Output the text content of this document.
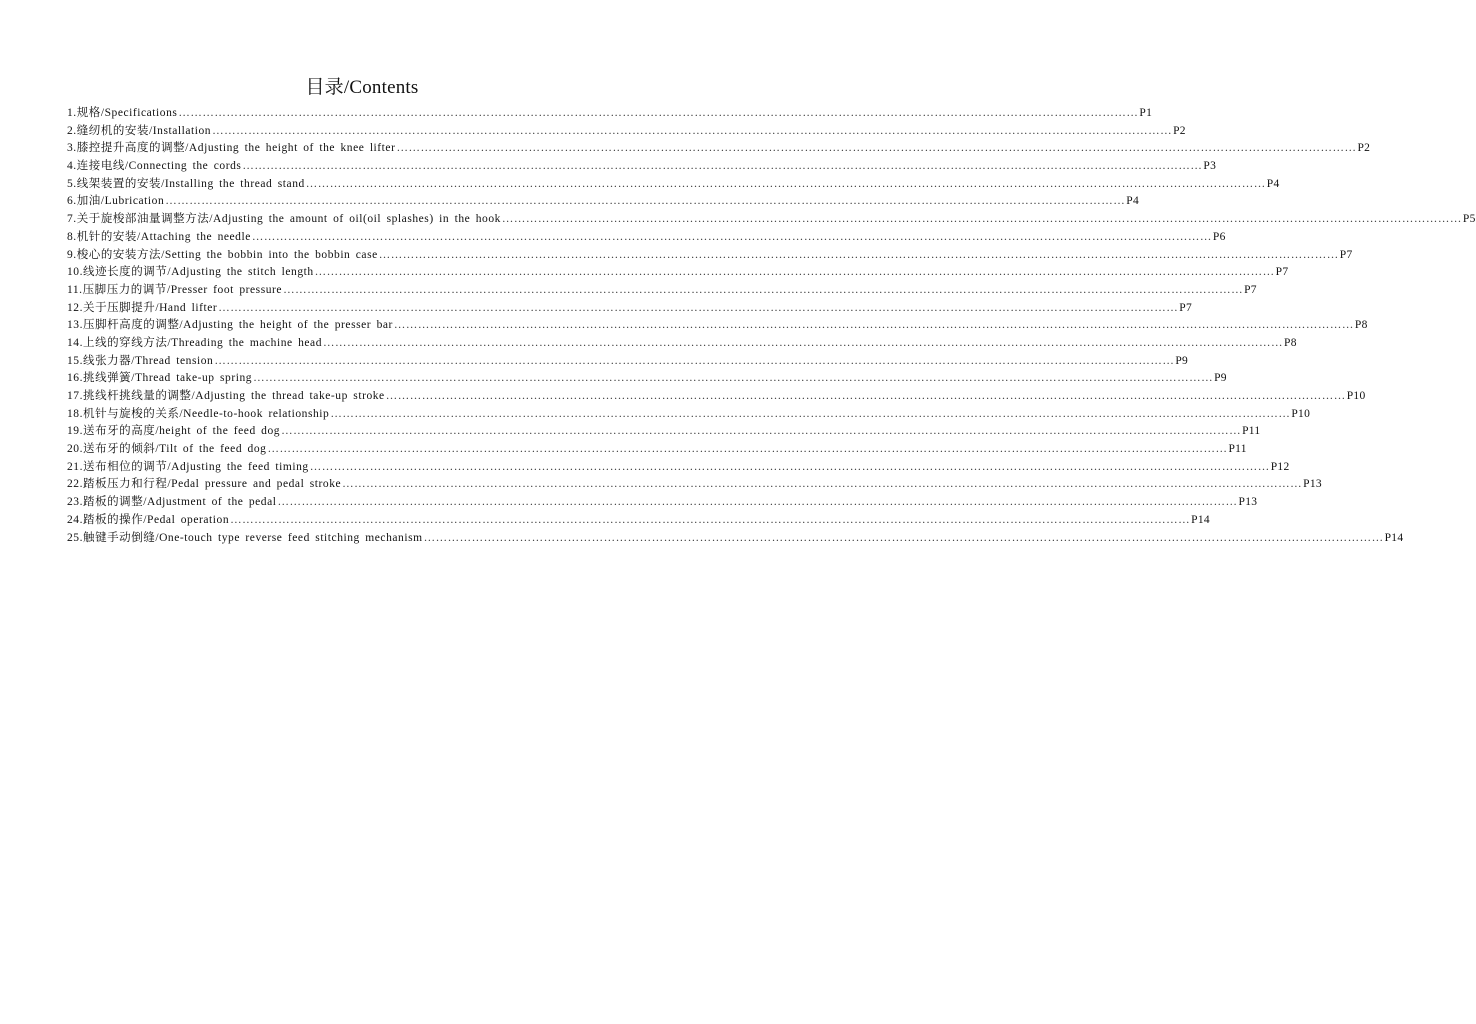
目录/Contents
1.规格/Specifications …………………………………………………………………………………………………………………………………………………………………………………………………………………… P1
2.缝纫机的安装/Installation …………………………………………………………………………………………………………………………………………………………………………………………………………………… P2
3.膝控提升高度的调整/Adjusting the height of the knee lifter …………………………………………………………………………………………………………………………………………………………………………………………………………………… P2
4.连接电线/Connecting the cords …………………………………………………………………………………………………………………………………………………………………………………………………………………… P3
5.线架装置的安装/Installing the thread stand …………………………………………………………………………………………………………………………………………………………………………………………………………………… P4
6.加油/Lubrication …………………………………………………………………………………………………………………………………………………………………………………………………………………… P4
7.关于旋梭部油量调整方法/Adjusting the amount of oil(oil splashes) in the hook …………………………………………………………………………………………………………………………………………………………………………………………………………………… P5
8.机针的安装/Attaching the needle …………………………………………………………………………………………………………………………………………………………………………………………………………………… P6
9.梭心的安装方法/Setting the bobbin into the bobbin case …………………………………………………………………………………………………………………………………………………………………………………………………………………… P7
10.线迹长度的调节/Adjusting the stitch length …………………………………………………………………………………………………………………………………………………………………………………………………………………… P7
11.压脚压力的调节/Presser foot pressure …………………………………………………………………………………………………………………………………………………………………………………………………………………… P7
12.关于压脚提升/Hand lifter …………………………………………………………………………………………………………………………………………………………………………………………………………………… P7
13.压脚杆高度的调整/Adjusting the height of the presser bar …………………………………………………………………………………………………………………………………………………………………………………………………………………… P8
14.上线的穿线方法/Threading the machine head …………………………………………………………………………………………………………………………………………………………………………………………………………………… P8
15.线张力器/Thread tension …………………………………………………………………………………………………………………………………………………………………………………………………………………… P9
16.挑线弹簧/Thread take-up spring …………………………………………………………………………………………………………………………………………………………………………………………………………………… P9
17.挑线杆挑线量的调整/Adjusting the thread take-up stroke …………………………………………………………………………………………………………………………………………………………………………………………………………………… P10
18.机针与旋梭的关系/Needle-to-hook relationship …………………………………………………………………………………………………………………………………………………………………………………………………………………… P10
19.送布牙的高度/height of the feed dog …………………………………………………………………………………………………………………………………………………………………………………………………………………… P11
20.送布牙的倾斜/Tilt of the feed dog …………………………………………………………………………………………………………………………………………………………………………………………………………………… P11
21.送布相位的调节/Adjusting the feed timing …………………………………………………………………………………………………………………………………………………………………………………………………………………… P12
22.踏板压力和行程/Pedal pressure and pedal stroke …………………………………………………………………………………………………………………………………………………………………………………………………………………… P13
23.踏板的调整/Adjustment of the pedal …………………………………………………………………………………………………………………………………………………………………………………………………………………… P13
24.踏板的操作/Pedal operation …………………………………………………………………………………………………………………………………………………………………………………………………………………… P14
25.触键手动倒缝/One-touch type reverse feed stitching mechanism …………………………………………………………………………………………………………………………………………………………………………………………………………………… P14
